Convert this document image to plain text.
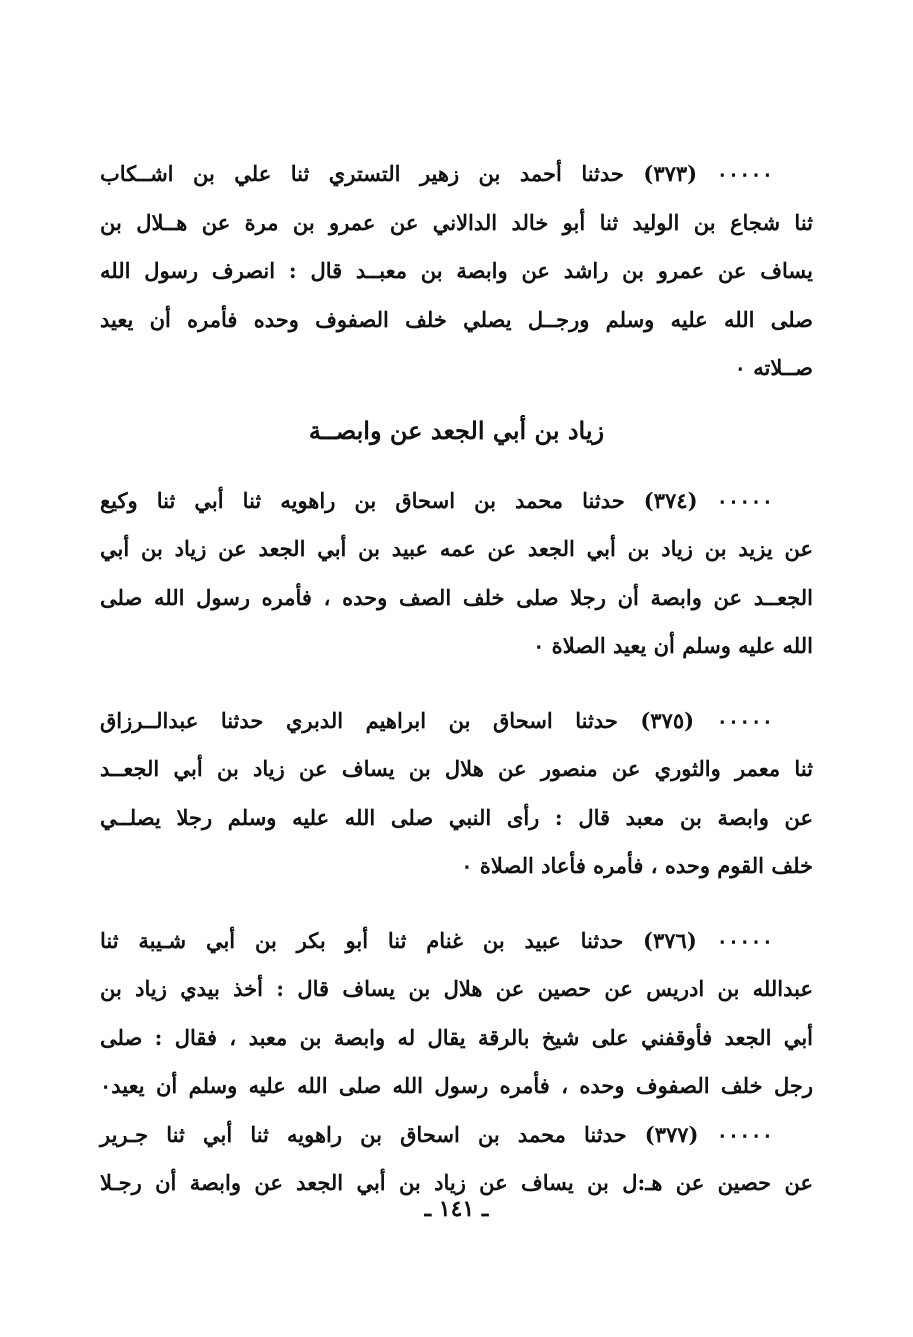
٠٠٠٠٠ (٣٧٣) حدثنا أحمد بن زهير التستري ثنا علي بن اشــكاب
ثنا شجاع بن الوليد ثنا أبو خالد الدالاني عن عمرو بن مرة عن هــلال بن
يساف عن عمرو بن راشد عن وابصة بن معبــد قال : انصرف رسول الله
صلى الله عليه وسلم ورجــل يصلي خلف الصفوف وحده فأمره أن يعيد
صــلاته ٠
زياد بن أبي الجعد عن وابصــة
٠٠٠٠٠ (٣٧٤) حدثنا محمد بن اسحاق بن راهويه ثنا أبي ثنا وكيع
عن يزيد بن زياد بن أبي الجعد عن عمه عبيد بن أبي الجعد عن زياد بن أبي
الجعــد عن وابصة أن رجلا صلى خلف الصف وحده ، فأمره رسول الله صلى
الله عليه وسلم أن يعيد الصلاة ٠
٠٠٠٠٠ (٣٧٥) حدثنا اسحاق بن ابراهيم الدبري حدثنا عبدالــرزاق
ثنا معمر والثوري عن منصور عن هلال بن يساف عن زياد بن أبي الجعــد
عن وابصة بن معبد قال : رأى النبي صلى الله عليه وسلم رجلا يصلــي
خلف القوم وحده ، فأمره فأعاد الصلاة ٠
٠٠٠٠٠ (٣٧٦) حدثنا عبيد بن غنام ثنا أبو بكر بن أبي شـيبة ثنا
عبدالله بن ادريس عن حصين عن هلال بن يساف قال : أخذ بيدي زياد بن
أبي الجعد فأوقفني على شيخ بالرقة يقال له وابصة بن معبد ، فقال : صلى
رجل خلف الصفوف وحده ، فأمره رسول الله صلى الله عليه وسلم أن يعيد٠
٠٠٠٠٠ (٣٧٧) حدثنا محمد بن اسحاق بن راهويه ثنا أبي ثنا جـرير
عن حصين عن هـ:ل بن يساف عن زياد بن أبي الجعد عن وابصة أن رجـلا
ـ ١٤١ ـ
